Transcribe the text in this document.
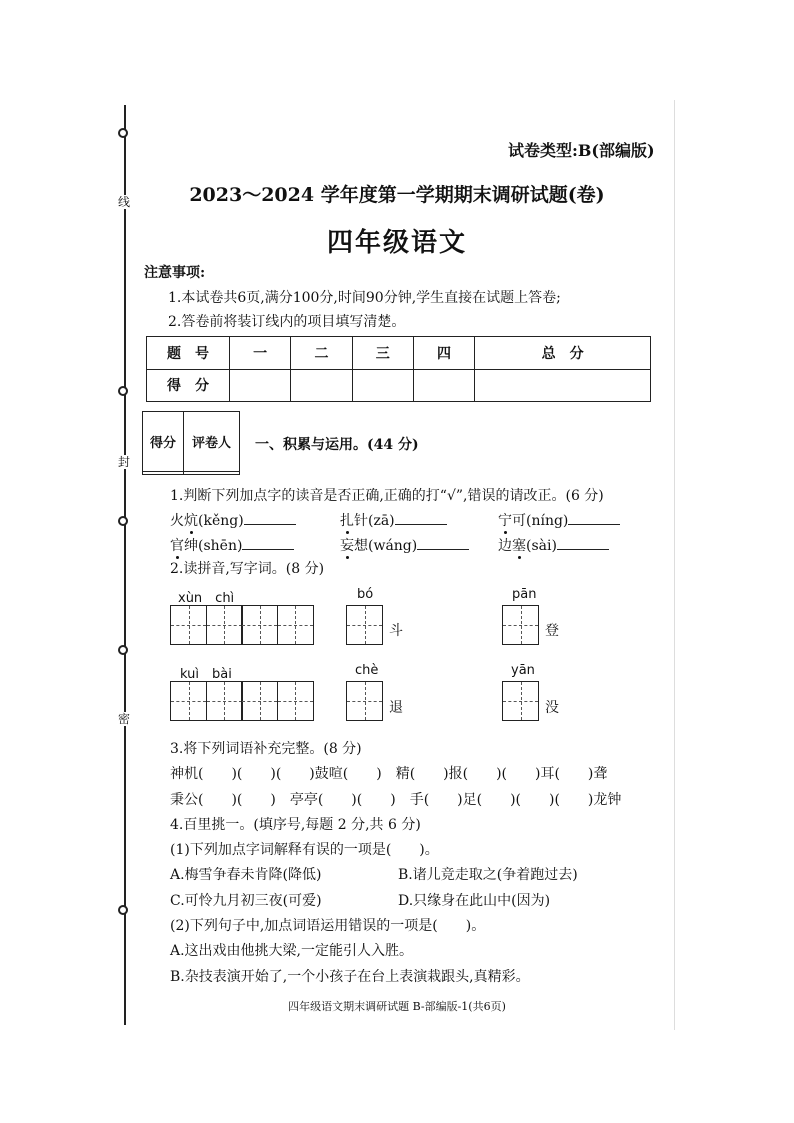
线
封
密
试卷类型:B(部编版)
2023～2024 学年度第一学期期末调研试题(卷)
四年级语文
注意事项:
1.本试卷共6页,满分100分,时间90分钟,学生直接在试题上答卷;
2.答卷前将装订线内的项目填写清楚。
题　号	一	二	三	四	总　分
得　分					
得分	评卷人
	一、积累与运用。(44 分)
1.判断下列加点字的读音是否正确,正确的打“√”,错误的请改正。(6 分)
火炕(kěng)	扎针(zā)	宁可(níng)
官绅(shēn)	妄想(wáng)	边塞(sài)
2.读拼音,写字词。(8 分)
xùn　chì	bó
斗
pān
登
kuì　bài	chè
退
yān
没
3.将下列词语补充完整。(8 分)
神机(　　)(　　)(　　)鼓喧(　　)　精(　　)报(　　)(　　)耳(　　)聋
秉公(　　)(　　)　亭亭(　　)(　　)　手(　　)足(　　)(　　)(　　)龙钟
4.百里挑一。(填序号,每题 2 分,共 6 分)
(1)下列加点字词解释有误的一项是(　　)。
A.梅雪争春未肯降(降低)	B.诸儿竞走取之(争着跑过去)
C.可怜九月初三夜(可爱)	D.只缘身在此山中(因为)
(2)下列句子中,加点词语运用错误的一项是(　　)。
A.这出戏由他挑大梁,一定能引人入胜。
B.杂技表演开始了,一个小孩子在台上表演栽跟头,真精彩。
四年级语文期末调研试题 B-部编版-1(共6页)
